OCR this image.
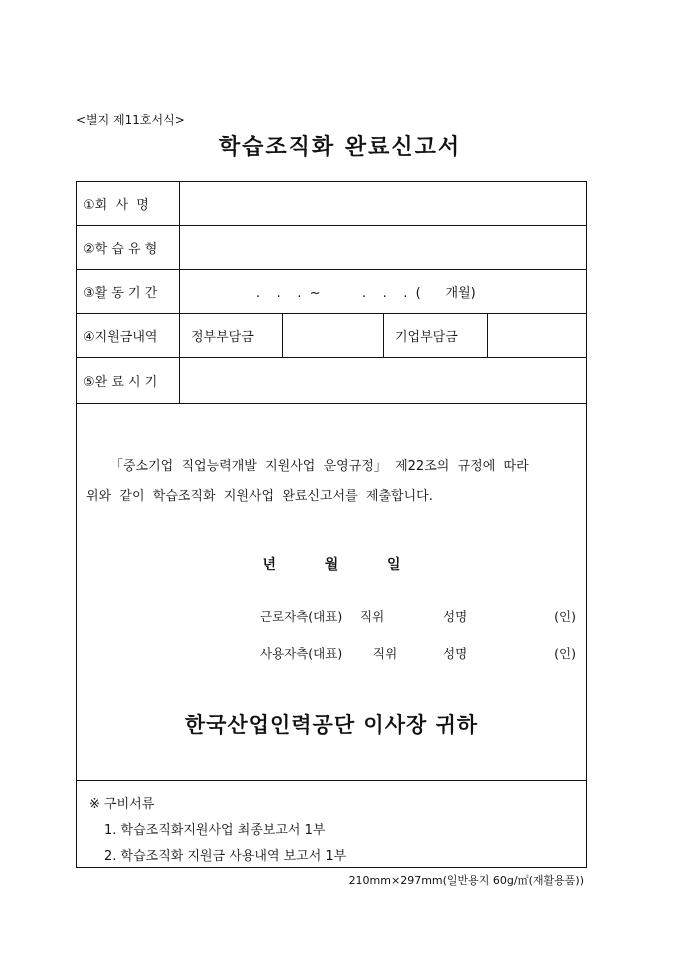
<별지 제11호서식>
학습조직화 완료신고서
①회  사  명
②학 습 유 형
③활 동 기 간	.    .    .  ~          .    .    .  (      개월)
④지원금내역	정부부담금	기업부담금
⑤완 료 시 기

「중소기업  직업능력개발  지원사업  운영규정」  제22조의  규정에  따라

위와  같이  학습조직화  지원사업  완료신고서를  제출합니다.

년          월          일
근로자측(대표) 직위	성명	(인)
사용자측(대표) 직위	성명	(인)
한국산업인력공단 이사장 귀하
※ 구비서류
1. 학습조직화지원사업 최종보고서 1부
2. 학습조직화 지원금 사용내역 보고서 1부
210mm×297mm(일반용지 60g/㎡(재활용품))
